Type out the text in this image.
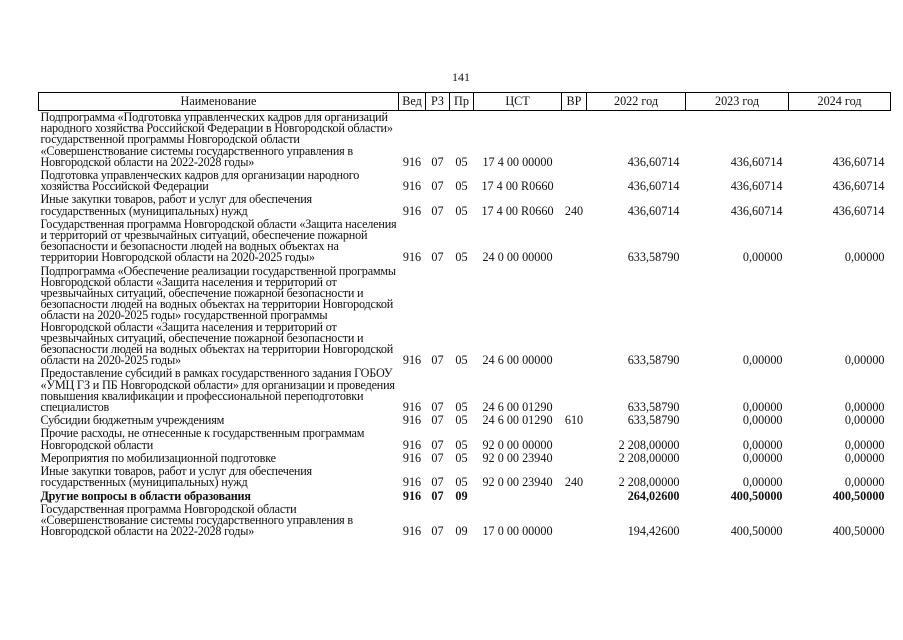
141
Наименование	Вед	РЗ	Пр	ЦСТ	ВР	2022 год	2023 год	2024 год
Подпрограмма «Подготовка управленческих кадров для организаций народного хозяйства Российской Федерации в Новгородской области» государственной программы Новгородской области «Совершенствование системы государственного управления в Новгородской области на 2022-2028 годы»	916	07	05	17 4 00 00000		436,60714	436,60714	436,60714
Подготовка управленческих кадров для организации народного хозяйства Российской Федерации	916	07	05	17 4 00 R0660		436,60714	436,60714	436,60714
Иные закупки товаров, работ и услуг для обеспечения государственных (муниципальных) нужд	916	07	05	17 4 00 R0660	240	436,60714	436,60714	436,60714
Государственная программа Новгородской области «Защита населения и территорий от чрезвычайных ситуаций, обеспечение пожарной безопасности и безопасности людей на водных объектах на территории Новгородской области на 2020-2025 годы»	916	07	05	24 0 00 00000		633,58790	0,00000	0,00000
Подпрограмма «Обеспечение реализации государственной программы Новгородской области «Защита населения и территорий от чрезвычайных ситуаций, обеспечение пожарной безопасности и безопасности людей на водных объектах на территории Новгородской области на 2020-2025 годы» государственной программы Новгородской области «Защита населения и территорий от чрезвычайных ситуаций, обеспечение пожарной безопасности и безопасности людей на водных объектах на территории Новгородской области на 2020-2025 годы»	916	07	05	24 6 00 00000		633,58790	0,00000	0,00000
Предоставление субсидий в рамках государственного задания ГОБОУ «УМЦ ГЗ и ПБ Новгородской области» для организации и проведения повышения квалификации и профессиональной переподготовки специалистов	916	07	05	24 6 00 01290		633,58790	0,00000	0,00000
Субсидии бюджетным учреждениям	916	07	05	24 6 00 01290	610	633,58790	0,00000	0,00000
Прочие расходы, не отнесенные к государственным программам Новгородской области	916	07	05	92 0 00 00000		2 208,00000	0,00000	0,00000
Мероприятия по мобилизационной подготовке	916	07	05	92 0 00 23940		2 208,00000	0,00000	0,00000
Иные закупки товаров, работ и услуг для обеспечения государственных (муниципальных) нужд	916	07	05	92 0 00 23940	240	2 208,00000	0,00000	0,00000
Другие вопросы в области образования	916	07	09			264,02600	400,50000	400,50000
Государственная программа Новгородской области «Совершенствование системы государственного управления в Новгородской области на 2022-2028 годы»	916	07	09	17 0 00 00000		194,42600	400,50000	400,50000
